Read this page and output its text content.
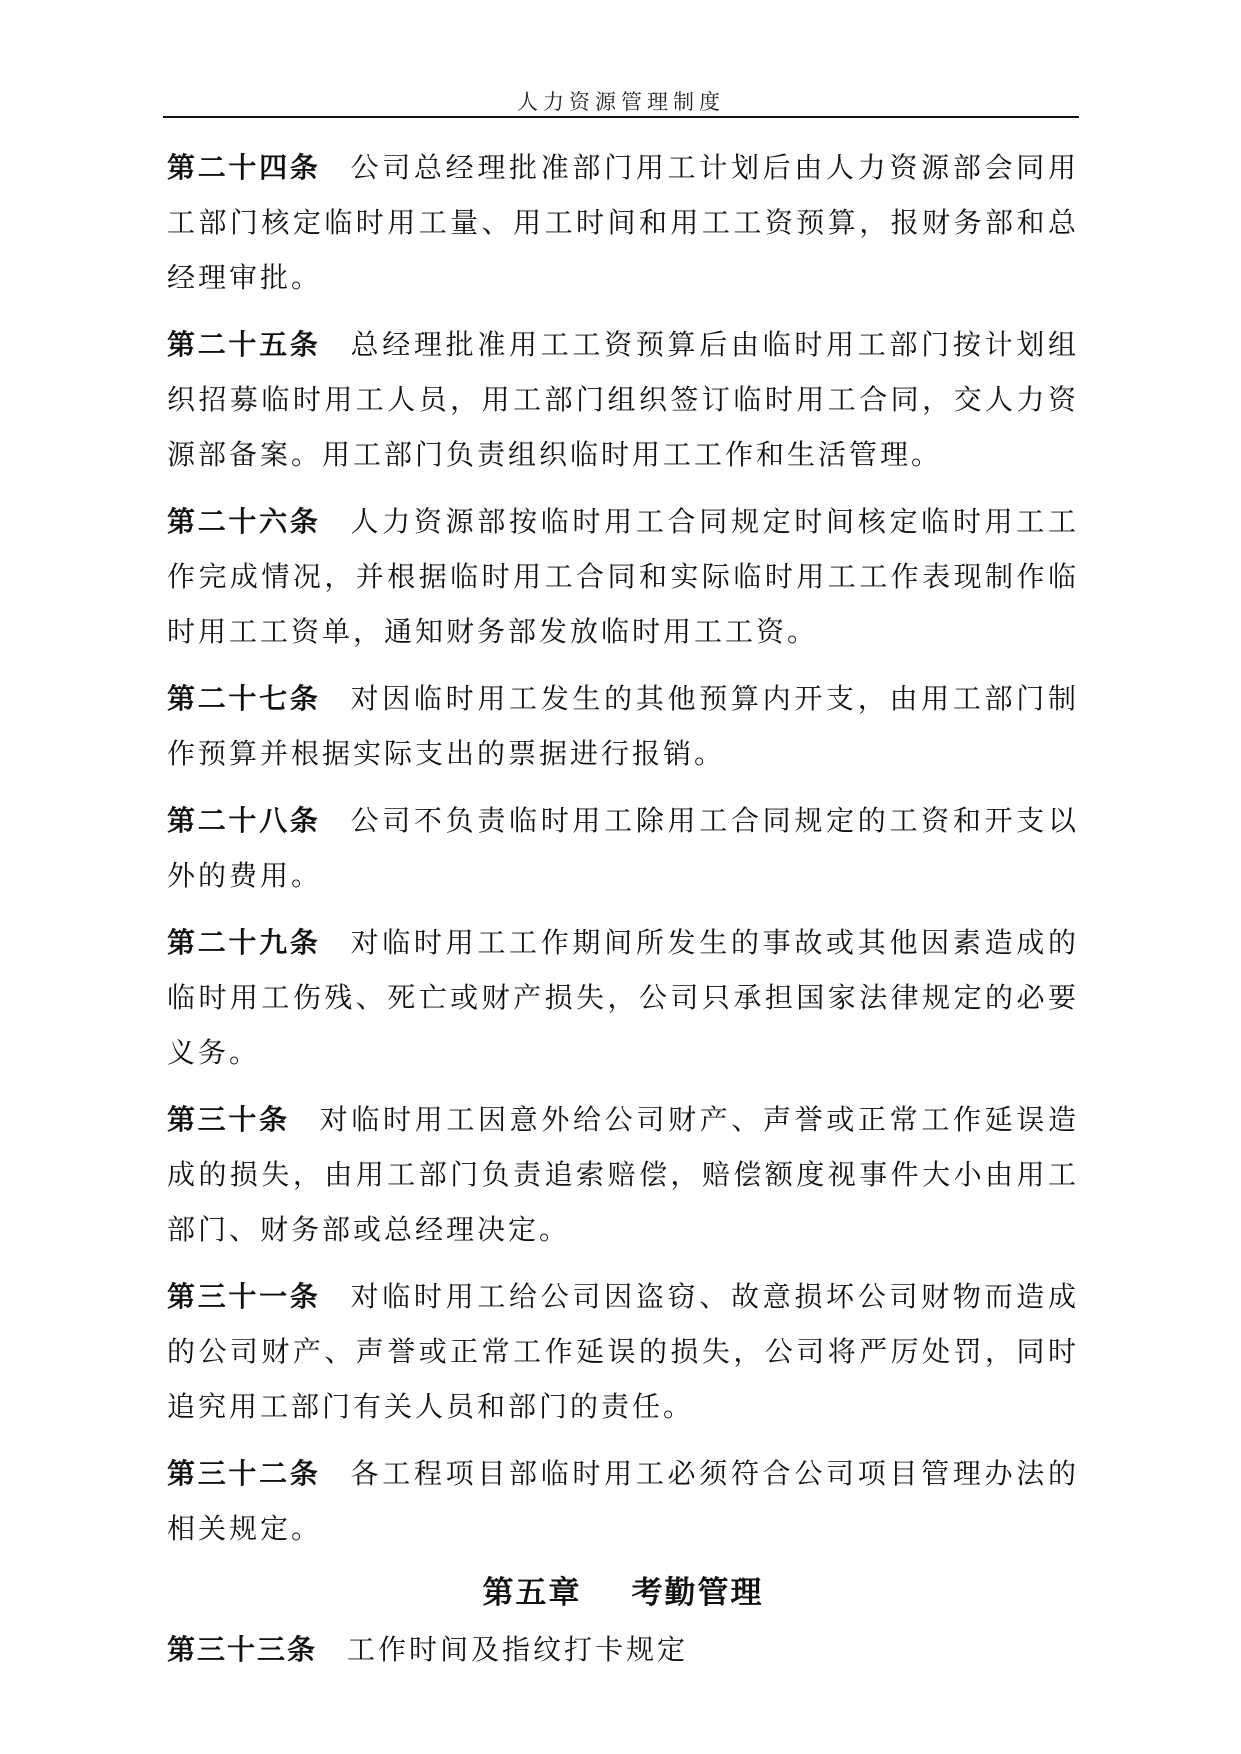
人力资源管理制度

第二十四条 公司总经理批准部门用工计划后由人力资源部会同用工部门核定临时用工量、用工时间和用工工资预算，报财务部和总经理审批。

第二十五条 总经理批准用工工资预算后由临时用工部门按计划组织招募临时用工人员，用工部门组织签订临时用工合同，交人力资源部备案。用工部门负责组织临时用工工作和生活管理。

第二十六条 人力资源部按临时用工合同规定时间核定临时用工工作完成情况，并根据临时用工合同和实际临时用工工作表现制作临时用工工资单，通知财务部发放临时用工工资。

第二十七条 对因临时用工发生的其他预算内开支，由用工部门制作预算并根据实际支出的票据进行报销。

第二十八条 公司不负责临时用工除用工合同规定的工资和开支以外的费用。

第二十九条 对临时用工工作期间所发生的事故或其他因素造成的临时用工伤残、死亡或财产损失，公司只承担国家法律规定的必要义务。

第三十条 对临时用工因意外给公司财产、声誉或正常工作延误造成的损失，由用工部门负责追索赔偿，赔偿额度视事件大小由用工部门、财务部或总经理决定。

第三十一条 对临时用工给公司因盗窃、故意损坏公司财物而造成的公司财产、声誉或正常工作延误的损失，公司将严厉处罚，同时追究用工部门有关人员和部门的责任。

第三十二条 各工程项目部临时用工必须符合公司项目管理办法的相关规定。

第五章 考勤管理

第三十三条 工作时间及指纹打卡规定
